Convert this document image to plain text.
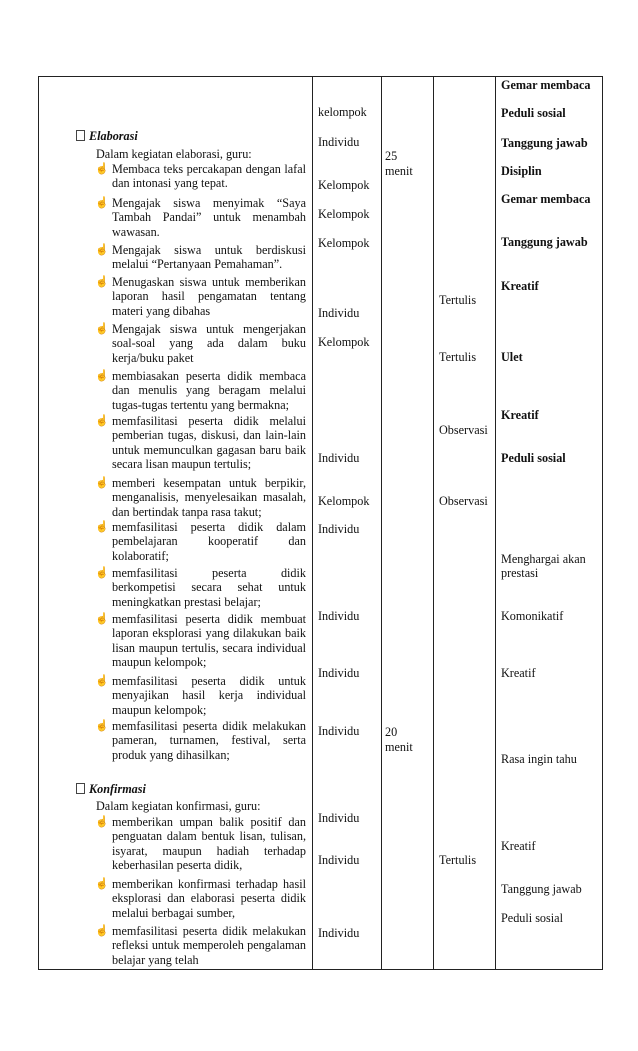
Elaborasi
Dalam kegiatan elaborasi, guru:
☝ Membaca teks percakapan dengan lafal dan intonasi yang tepat.
☝ Mengajak siswa menyimak “Saya Tambah Pandai” untuk menambah wawasan.
☝ Mengajak siswa untuk berdiskusi melalui “Pertanyaan Pemahaman”.
☝ Menugaskan siswa untuk memberikan laporan hasil pengamatan tentang materi yang dibahas
☝ Mengajak siswa untuk mengerjakan soal-soal yang ada dalam buku kerja/buku paket
☝ membiasakan peserta didik membaca dan menulis yang beragam melalui tugas-tugas tertentu yang bermakna;
☝ memfasilitasi peserta didik melalui pemberian tugas, diskusi, dan lain-lain untuk memunculkan gagasan baru baik secara lisan maupun tertulis;
☝ memberi kesempatan untuk berpikir, menganalisis, menyelesaikan masalah, dan bertindak tanpa rasa takut;
☝ memfasilitasi peserta didik dalam pembelajaran kooperatif dan kolaboratif;
☝ memfasilitasi peserta didik berkompetisi secara sehat untuk meningkatkan prestasi belajar;
☝ memfasilitasi peserta didik membuat laporan eksplorasi yang dilakukan baik lisan maupun tertulis, secara individual maupun kelompok;
☝ memfasilitasi peserta didik untuk menyajikan hasil kerja individual maupun kelompok;
☝ memfasilitasi peserta didik melakukan pameran, turnamen, festival, serta produk yang dihasilkan;
Konfirmasi
Dalam kegiatan konfirmasi, guru:
☝ memberikan umpan balik positif dan penguatan dalam bentuk lisan, tulisan, isyarat, maupun hadiah terhadap keberhasilan peserta didik,
☝ memberikan konfirmasi terhadap hasil eksplorasi dan elaborasi peserta didik melalui berbagai sumber,
☝ memfasilitasi peserta didik melakukan refleksi untuk memperoleh pengalaman belajar yang telah
kelompok
Individu
Kelompok
Kelompok
Kelompok
Individu
Kelompok
Individu
Kelompok
Individu
Individu
Individu
Individu
Individu
Individu
Individu
25
menit
20
menit
Tertulis
Tertulis
Observasi
Observasi
Tertulis
Gemar membaca
Peduli sosial
Tanggung jawab
Disiplin
Gemar membaca
Tanggung jawab
Kreatif
Ulet
Kreatif
Peduli sosial
Menghargai akan
prestasi
Komonikatif
Kreatif
Rasa ingin tahu
Kreatif
Tanggung jawab
Peduli sosial
